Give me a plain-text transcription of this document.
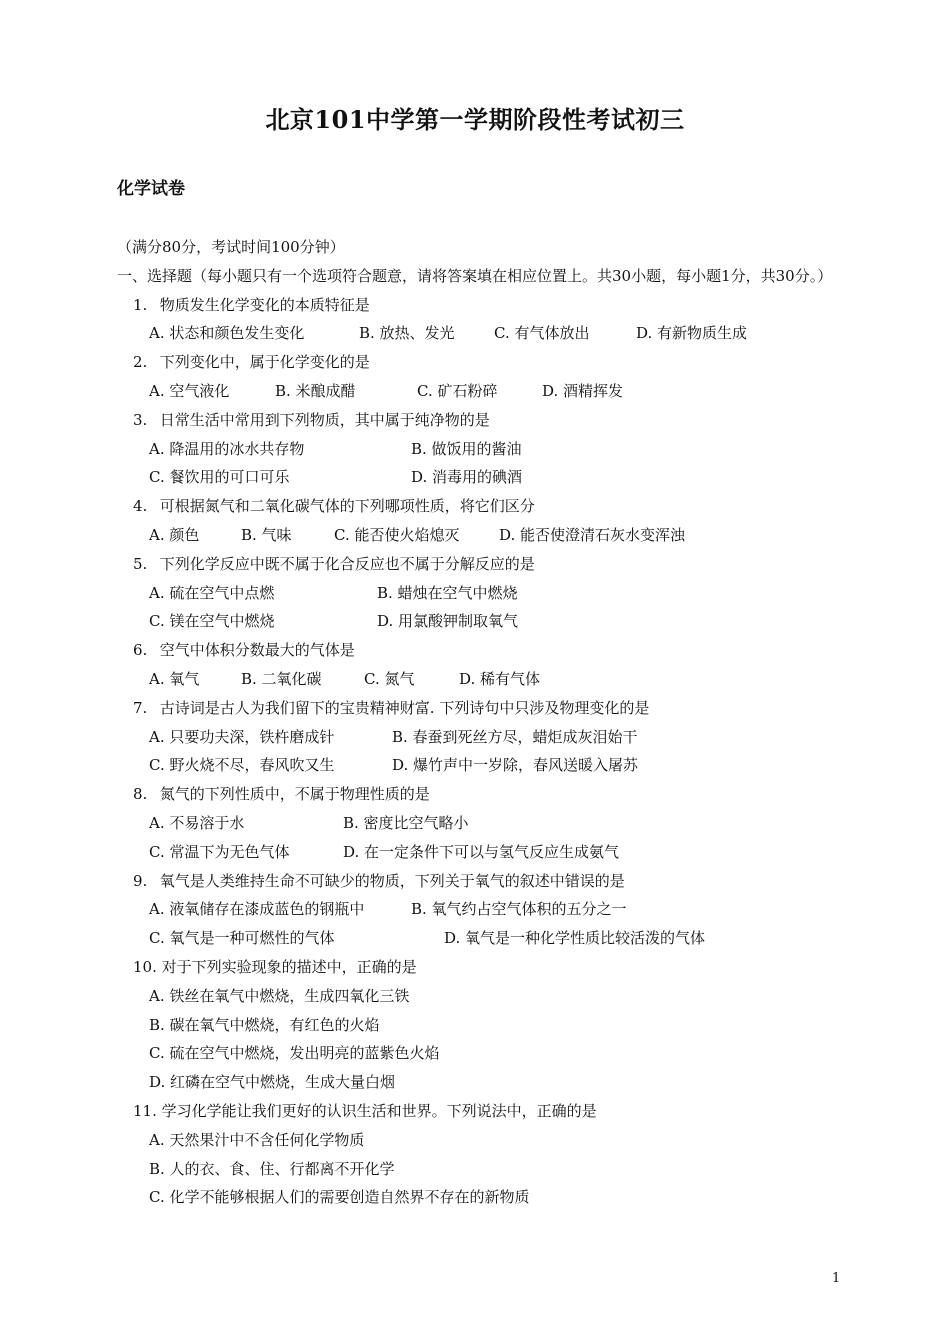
北京101中学第一学期阶段性考试初三
化学试卷
（满分80分，考试时间100分钟）
一、选择题（每小题只有一个选项符合题意，请将答案填在相应位置上。共30小题，每小题1分，共30分。）
1. 物质发生化学变化的本质特征是
A. 状态和颜色发生变化	B. 放热、发光	C. 有气体放出	D. 有新物质生成
2. 下列变化中，属于化学变化的是
A. 空气液化	B. 米酿成醋	C. 矿石粉碎	D. 酒精挥发
3. 日常生活中常用到下列物质，其中属于纯净物的是
A. 降温用的冰水共存物	B. 做饭用的酱油
C. 餐饮用的可口可乐	D. 消毒用的碘酒
4. 可根据氮气和二氧化碳气体的下列哪项性质，将它们区分
A. 颜色	B. 气味	C. 能否使火焰熄灭	D. 能否使澄清石灰水变浑浊
5. 下列化学反应中既不属于化合反应也不属于分解反应的是
A. 硫在空气中点燃	B. 蜡烛在空气中燃烧
C. 镁在空气中燃烧	D. 用氯酸钾制取氧气
6. 空气中体积分数最大的气体是
A. 氧气	B. 二氧化碳	C. 氮气	D. 稀有气体
7. 古诗词是古人为我们留下的宝贵精神财富. 下列诗句中只涉及物理变化的是
A. 只要功夫深，铁杵磨成针	B. 春蚕到死丝方尽，蜡炬成灰泪始干
C. 野火烧不尽，春风吹又生	D. 爆竹声中一岁除，春风送暖入屠苏
8. 氮气的下列性质中，不属于物理性质的是
A. 不易溶于水	B. 密度比空气略小
C. 常温下为无色气体	D. 在一定条件下可以与氢气反应生成氨气
9. 氧气是人类维持生命不可缺少的物质，下列关于氧气的叙述中错误的是
A. 液氧储存在漆成蓝色的钢瓶中	B. 氧气约占空气体积的五分之一
C. 氧气是一种可燃性的气体	D. 氧气是一种化学性质比较活泼的气体
10. 对于下列实验现象的描述中，正确的是
A. 铁丝在氧气中燃烧，生成四氧化三铁
B. 碳在氧气中燃烧，有红色的火焰
C. 硫在空气中燃烧，发出明亮的蓝紫色火焰
D. 红磷在空气中燃烧，生成大量白烟
11. 学习化学能让我们更好的认识生活和世界。下列说法中，正确的是
A. 天然果汁中不含任何化学物质
B. 人的衣、食、住、行都离不开化学
C. 化学不能够根据人们的需要创造自然界不存在的新物质
1
